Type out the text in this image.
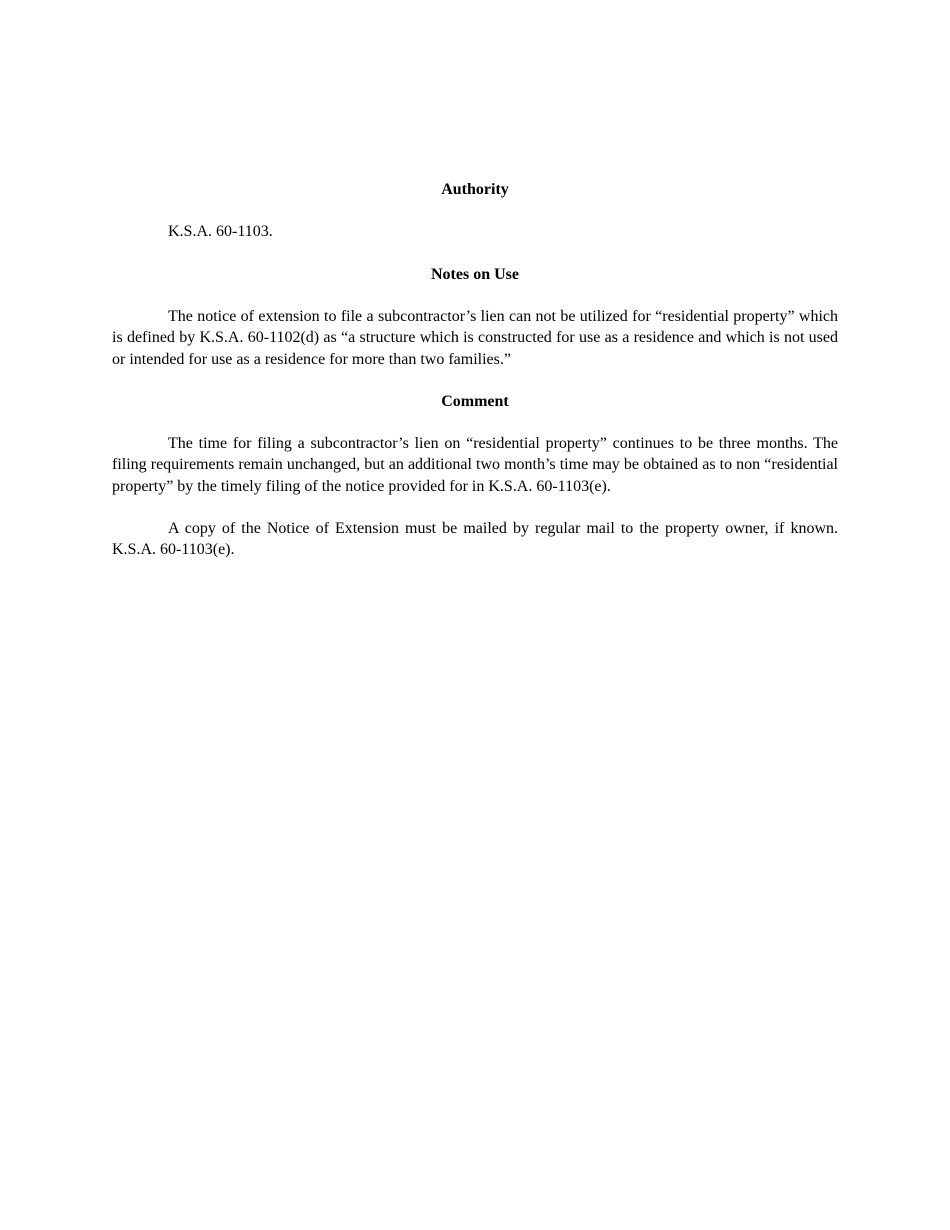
Authority

K.S.A. 60-1103.

Notes on Use

The notice of extension to file a subcontractor’s lien can not be utilized for “residential property” which is defined by K.S.A. 60-1102(d) as “a structure which is constructed for use as a residence and which is not used or intended for use as a residence for more than two families.”

Comment

The time for filing a subcontractor’s lien on “residential property” continues to be three months. The filing requirements remain unchanged, but an additional two month’s time may be obtained as to non “residential property” by the timely filing of the notice provided for in K.S.A. 60-1103(e).

A copy of the Notice of Extension must be mailed by regular mail to the property owner, if known. K.S.A. 60-1103(e).
